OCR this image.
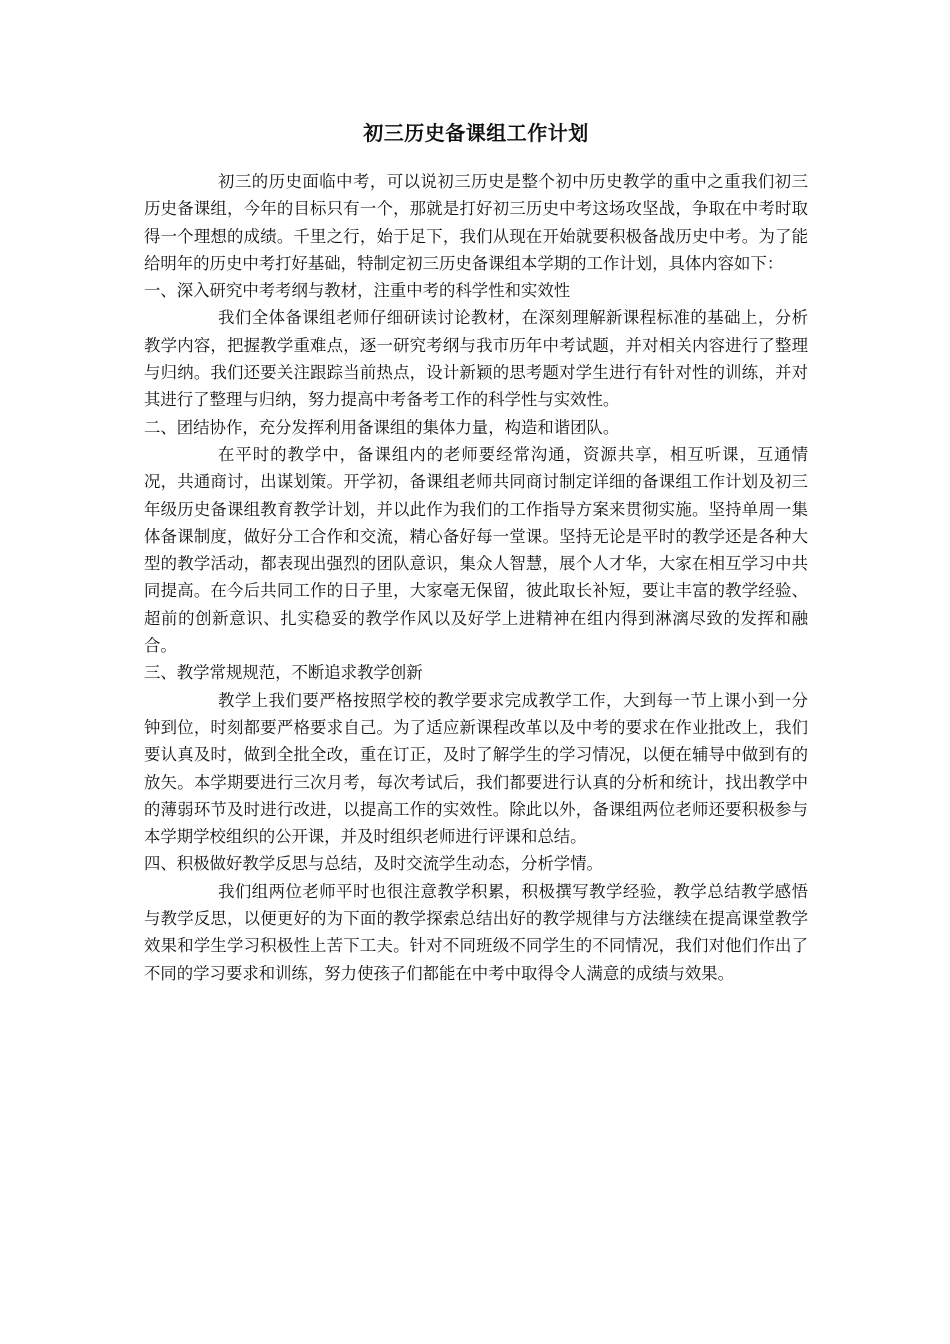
初三历史备课组工作计划

初三的历史面临中考，可以说初三历史是整个初中历史教学的重中之重我们初三历史备课组，今年的目标只有一个，那就是打好初三历史中考这场攻坚战，争取在中考时取得一个理想的成绩。千里之行，始于足下，我们从现在开始就要积极备战历史中考。为了能给明年的历史中考打好基础，特制定初三历史备课组本学期的工作计划，具体内容如下：

一、深入研究中考考纲与教材，注重中考的科学性和实效性

我们全体备课组老师仔细研读讨论教材，在深刻理解新课程标准的基础上，分析教学内容，把握教学重难点，逐一研究考纲与我市历年中考试题，并对相关内容进行了整理与归纳。我们还要关注跟踪当前热点，设计新颖的思考题对学生进行有针对性的训练，并对其进行了整理与归纳，努力提高中考备考工作的科学性与实效性。

二、团结协作，充分发挥利用备课组的集体力量，构造和谐团队。

在平时的教学中，备课组内的老师要经常沟通，资源共享，相互听课，互通情况，共通商讨，出谋划策。开学初，备课组老师共同商讨制定详细的备课组工作计划及初三年级历史备课组教育教学计划，并以此作为我们的工作指导方案来贯彻实施。坚持单周一集体备课制度，做好分工合作和交流，精心备好每一堂课。坚持无论是平时的教学还是各种大型的教学活动，都表现出强烈的团队意识，集众人智慧，展个人才华，大家在相互学习中共同提高。在今后共同工作的日子里，大家毫无保留，彼此取长补短，要让丰富的教学经验、超前的创新意识、扎实稳妥的教学作风以及好学上进精神在组内得到淋漓尽致的发挥和融合。

三、教学常规规范，不断追求教学创新

教学上我们要严格按照学校的教学要求完成教学工作，大到每一节上课小到一分钟到位，时刻都要严格要求自己。为了适应新课程改革以及中考的要求在作业批改上，我们要认真及时，做到全批全改，重在订正，及时了解学生的学习情况，以便在辅导中做到有的放矢。本学期要进行三次月考，每次考试后，我们都要进行认真的分析和统计，找出教学中的薄弱环节及时进行改进，以提高工作的实效性。除此以外，备课组两位老师还要积极参与本学期学校组织的公开课，并及时组织老师进行评课和总结。

四、积极做好教学反思与总结，及时交流学生动态，分析学情。

我们组两位老师平时也很注意教学积累，积极撰写教学经验，教学总结教学感悟与教学反思，以便更好的为下面的教学探索总结出好的教学规律与方法继续在提高课堂教学效果和学生学习积极性上苦下工夫。针对不同班级不同学生的不同情况，我们对他们作出了不同的学习要求和训练，努力使孩子们都能在中考中取得令人满意的成绩与效果。
